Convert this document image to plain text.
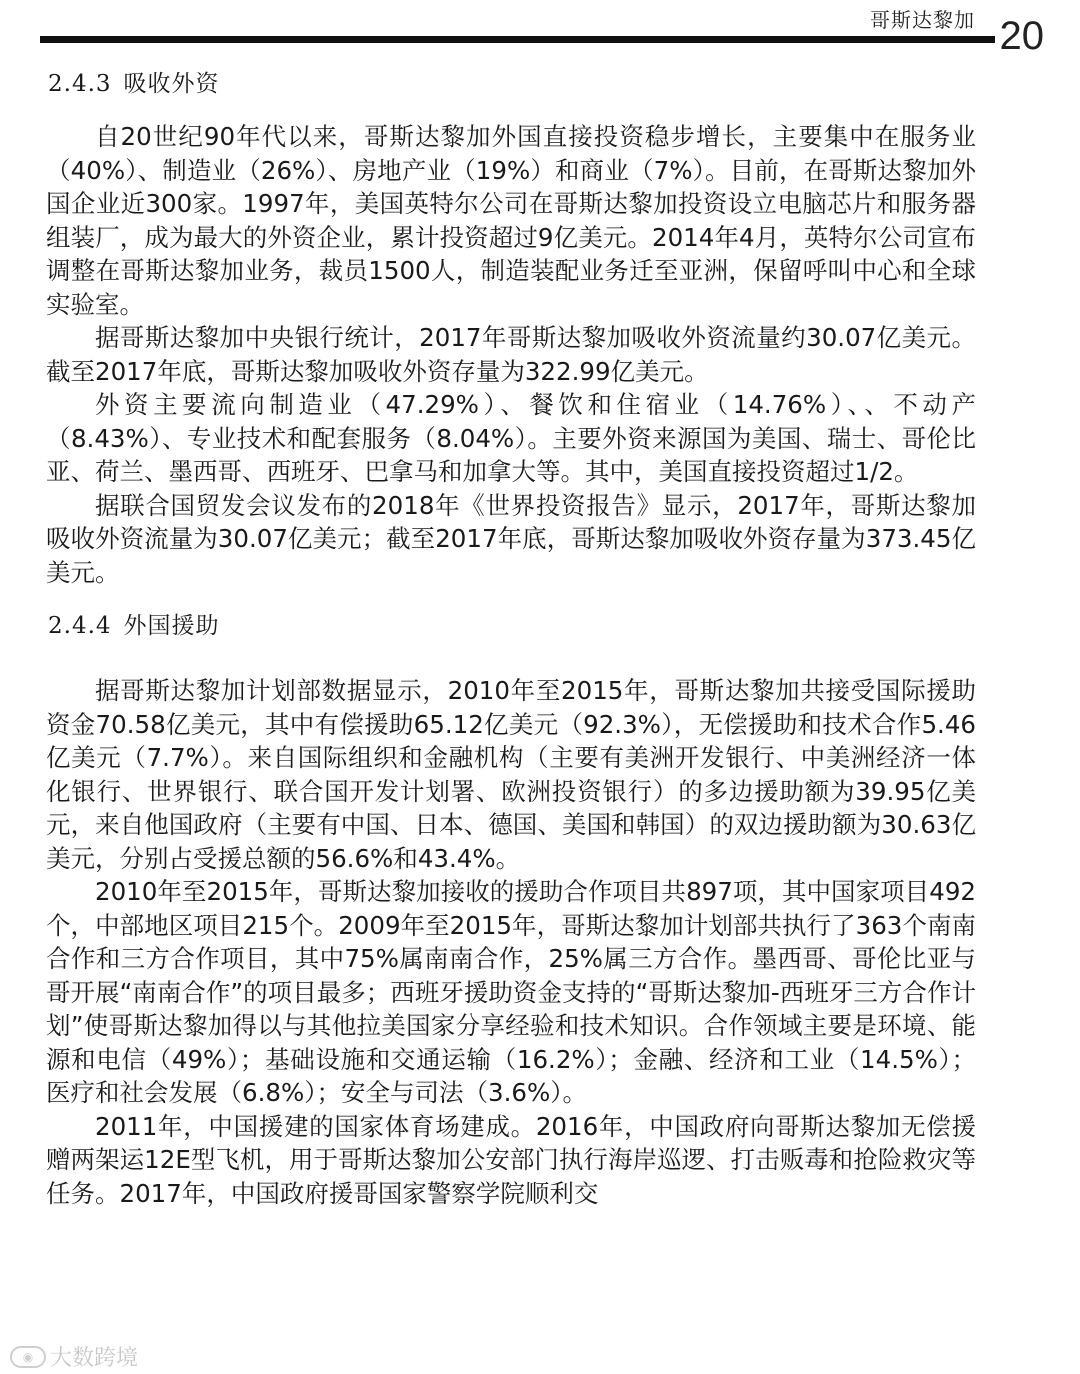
哥斯达黎加 20
2.4.3 吸收外资

自20世纪90年代以来，哥斯达黎加外国直接投资稳步增长，主要集中在服务业（40%）、制造业（26%）、房地产业（19%）和商业（7%）。目前，在哥斯达黎加外国企业近300家。1997年，美国英特尔公司在哥斯达黎加投资设立电脑芯片和服务器组装厂，成为最大的外资企业，累计投资超过9亿美元。2014年4月，英特尔公司宣布调整在哥斯达黎加业务，裁员1500人，制造装配业务迁至亚洲，保留呼叫中心和全球实验室。

据哥斯达黎加中央银行统计，2017年哥斯达黎加吸收外资流量约30.07亿美元。截至2017年底，哥斯达黎加吸收外资存量为322.99亿美元。

外资主要流向制造业（47.29%）、餐饮和住宿业（14.76%）、、不动产（8.43%）、专业技术和配套服务（8.04%）。主要外资来源国为美国、瑞士、哥伦比亚、荷兰、墨西哥、西班牙、巴拿马和加拿大等。其中，美国直接投资超过1/2。

据联合国贸发会议发布的2018年《世界投资报告》显示，2017年，哥斯达黎加吸收外资流量为30.07亿美元；截至2017年底，哥斯达黎加吸收外资存量为373.45亿美元。

2.4.4 外国援助

据哥斯达黎加计划部数据显示，2010年至2015年，哥斯达黎加共接受国际援助资金70.58亿美元，其中有偿援助65.12亿美元（92.3%），无偿援助和技术合作5.46亿美元（7.7%）。来自国际组织和金融机构（主要有美洲开发银行、中美洲经济一体化银行、世界银行、联合国开发计划署、欧洲投资银行）的多边援助额为39.95亿美元，来自他国政府（主要有中国、日本、德国、美国和韩国）的双边援助额为30.63亿美元，分别占受援总额的56.6%和43.4%。

2010年至2015年，哥斯达黎加接收的援助合作项目共897项，其中国家项目492个，中部地区项目215个。2009年至2015年，哥斯达黎加计划部共执行了363个南南合作和三方合作项目，其中75%属南南合作，25%属三方合作。墨西哥、哥伦比亚与哥开展“南南合作”的项目最多；西班牙援助资金支持的“哥斯达黎加-西班牙三方合作计划”使哥斯达黎加得以与其他拉美国家分享经验和技术知识。合作领域主要是环境、能源和电信（49%）；基础设施和交通运输（16.2%）；金融、经济和工业（14.5%）；医疗和社会发展（6.8%）；安全与司法（3.6%）。

2011年，中国援建的国家体育场建成。2016年，中国政府向哥斯达黎加无偿援赠两架运12E型飞机，用于哥斯达黎加公安部门执行海岸巡逻、打击贩毒和抢险救灾等任务。2017年，中国政府援哥国家警察学院顺利交

◉ 大数跨境
